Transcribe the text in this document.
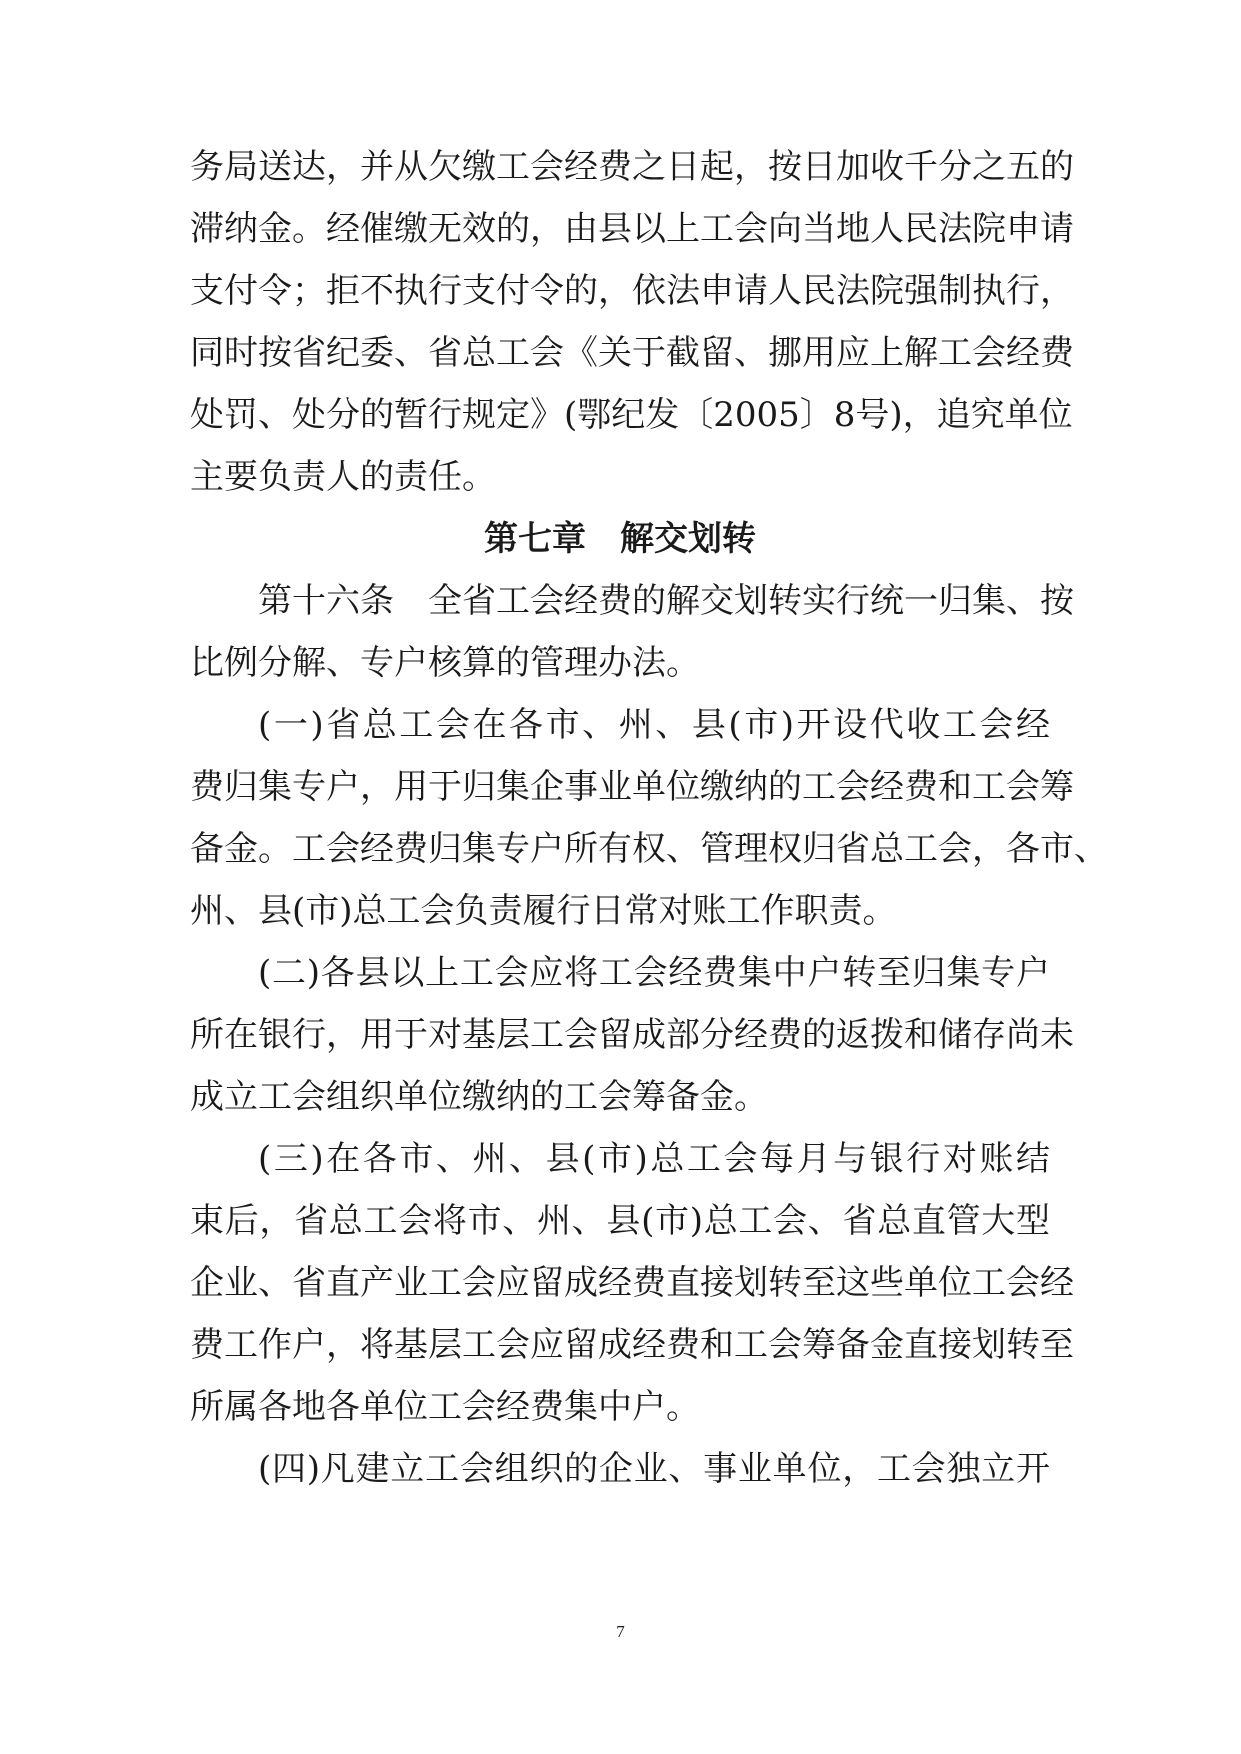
务局送达，并从欠缴工会经费之日起，按日加收千分之五的
滞纳金。经催缴无效的，由县以上工会向当地人民法院申请
支付令；拒不执行支付令的，依法申请人民法院强制执行，
同时按省纪委、省总工会《关于截留、挪用应上解工会经费
处罚、处分的暂行规定》(鄂纪发〔2005〕8号)，追究单位
主要负责人的责任。
第七章　解交划转
第十六条　全省工会经费的解交划转实行统一归集、按
比例分解、专户核算的管理办法。
(一)省总工会在各市、州、县(市)开设代收工会经
费归集专户，用于归集企事业单位缴纳的工会经费和工会筹
备金。工会经费归集专户所有权、管理权归省总工会，各市、
州、县(市)总工会负责履行日常对账工作职责。
(二)各县以上工会应将工会经费集中户转至归集专户
所在银行，用于对基层工会留成部分经费的返拨和储存尚未
成立工会组织单位缴纳的工会筹备金。
(三)在各市、州、县(市)总工会每月与银行对账结
束后，省总工会将市、州、县(市)总工会、省总直管大型
企业、省直产业工会应留成经费直接划转至这些单位工会经
费工作户，将基层工会应留成经费和工会筹备金直接划转至
所属各地各单位工会经费集中户。
(四)凡建立工会组织的企业、事业单位，工会独立开
7
